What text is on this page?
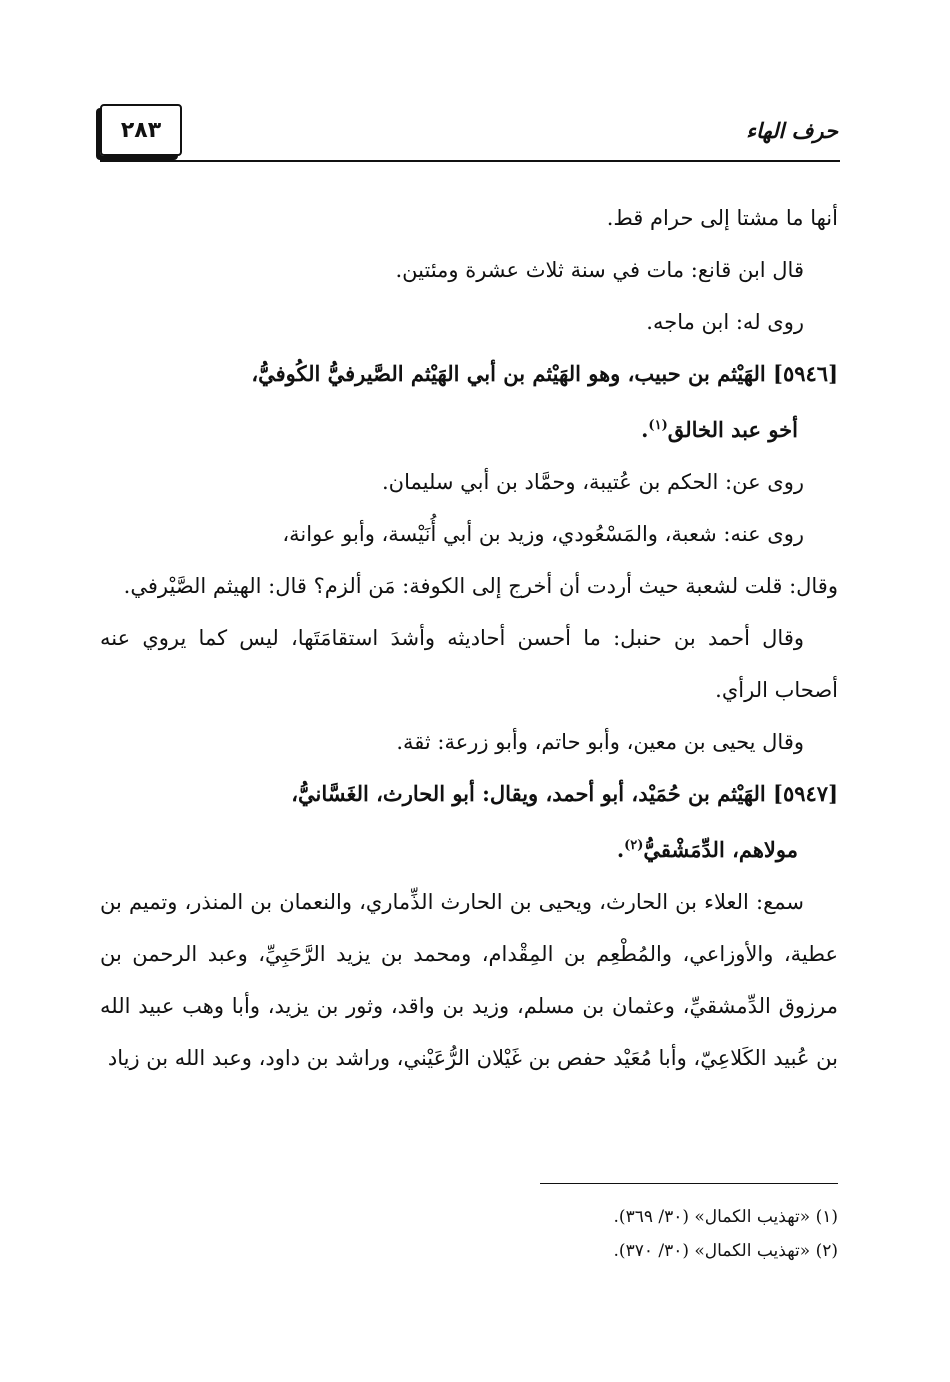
٢٨٣	حرف الهاء

أنها ما مشتا إلى حرام قط.

قال ابن قانع: مات في سنة ثلاث عشرة ومئتين.

روى له: ابن ماجه.

[٥٩٤٦] الهَيْثم بن حبيب، وهو الهَيْثم بن أبي الهَيْثم الصَّيرفيُّ الكُوفيُّ،
أخو عبد الخالق$^{(١)}$.

روى عن: الحكم بن عُتيبة، وحمَّاد بن أبي سليمان.

روى عنه: شعبة، والمَسْعُودي، وزيد بن أبي أُنَيْسة، وأبو عوانة،

وقال: قلت لشعبة حيث أردت أن أخرج إلى الكوفة: مَن ألزم؟ قال: الهيثم الصَّيْرفي.

وقال أحمد بن حنبل: ما أحسن أحاديثه وأشدَ استقامَتَها، ليس كما يروي عنه أصحاب الرأي.

وقال يحيى بن معين، وأبو حاتم، وأبو زرعة: ثقة.

[٥٩٤٧] الهَيْثم بن حُمَيْد، أبو أحمد، ويقال: أبو الحارث، الغَسَّانيُّ،
مولاهم، الدِّمَشْقيُّ$^{(٢)}$.

سمع: العلاء بن الحارث، ويحيى بن الحارث الذِّماري، والنعمان بن المنذر، وتميم بن عطية، والأوزاعي، والمُطْعِم بن المِقْدام، ومحمد بن يزيد الرَّحَبِيِّ، وعبد الرحمن بن مرزوق الدِّمشقيِّ، وعثمان بن مسلم، وزيد بن واقد، وثور بن يزيد، وأبا وهب عبيد الله بن عُبيد الكَلاعِيّ، وأبا مُعَيْد حفص بن غَيْلان الرُّعَيْني، وراشد بن داود، وعبد الله بن زياد

(١) «تهذيب الكمال» (٣٠/ ٣٦٩).

(٢) «تهذيب الكمال» (٣٠/ ٣٧٠).
